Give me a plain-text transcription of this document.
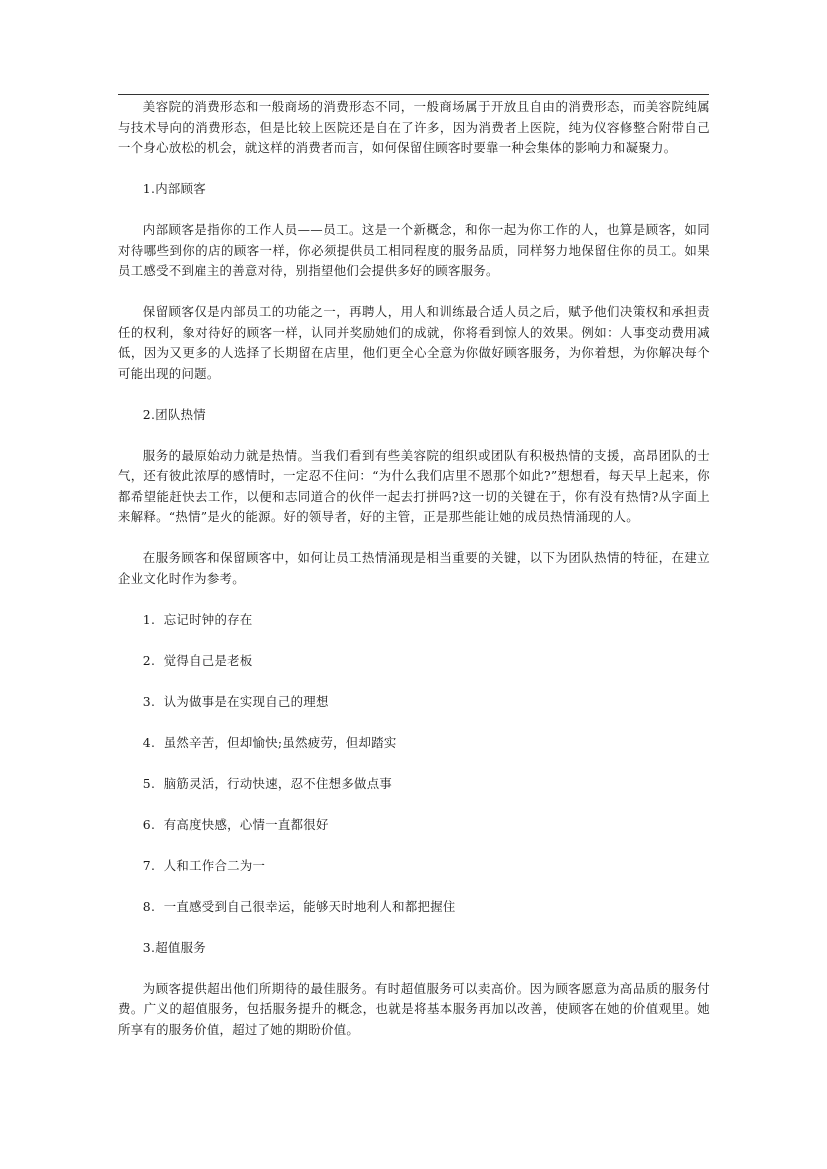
美容院的消费形态和一般商场的消费形态不同，一般商场属于开放且自由的消费形态，而美容院纯属与技术导向的消费形态，但是比较上医院还是自在了许多，因为消费者上医院，纯为仪容修整合附带自己一个身心放松的机会，就这样的消费者而言，如何保留住顾客时要靠一种会集体的影响力和凝聚力。

1.内部顾客

内部顾客是指你的工作人员——员工。这是一个新概念，和你一起为你工作的人，也算是顾客，如同对待哪些到你的店的顾客一样，你必须提供员工相同程度的服务品质，同样努力地保留住你的员工。如果员工感受不到雇主的善意对待，别指望他们会提供多好的顾客服务。

保留顾客仅是内部员工的功能之一，再聘人，用人和训练最合适人员之后，赋予他们决策权和承担责任的权利，象对待好的顾客一样，认同并奖励她们的成就，你将看到惊人的效果。例如：人事变动费用减低，因为又更多的人选择了长期留在店里，他们更全心全意为你做好顾客服务，为你着想，为你解决每个可能出现的问题。

2.团队热情

服务的最原始动力就是热情。当我们看到有些美容院的组织或团队有积极热情的支援，高昂团队的士气，还有彼此浓厚的感情时，一定忍不住问：“为什么我们店里不恩那个如此?”想想看，每天早上起来，你都希望能赶快去工作，以便和志同道合的伙伴一起去打拼吗?这一切的关键在于，你有没有热情?从字面上来解释。“热情”是火的能源。好的领导者，好的主管，正是那些能让她的成员热情涌现的人。

在服务顾客和保留顾客中，如何让员工热情涌现是相当重要的关键，以下为团队热情的特征，在建立企业文化时作为参考。

1.  忘记时钟的存在

2.  觉得自己是老板

3.  认为做事是在实现自己的理想

4.  虽然辛苦，但却愉快;虽然疲劳，但却踏实

5.  脑筋灵活，行动快速，忍不住想多做点事

6.  有高度快感，心情一直都很好

7.  人和工作合二为一

8.  一直感受到自己很幸运，能够天时地利人和都把握住

3.超值服务

为顾客提供超出他们所期待的最佳服务。有时超值服务可以卖高价。因为顾客愿意为高品质的服务付费。广义的超值服务，包括服务提升的概念，也就是将基本服务再加以改善，使顾客在她的价值观里。她所享有的服务价值，超过了她的期盼价值。
